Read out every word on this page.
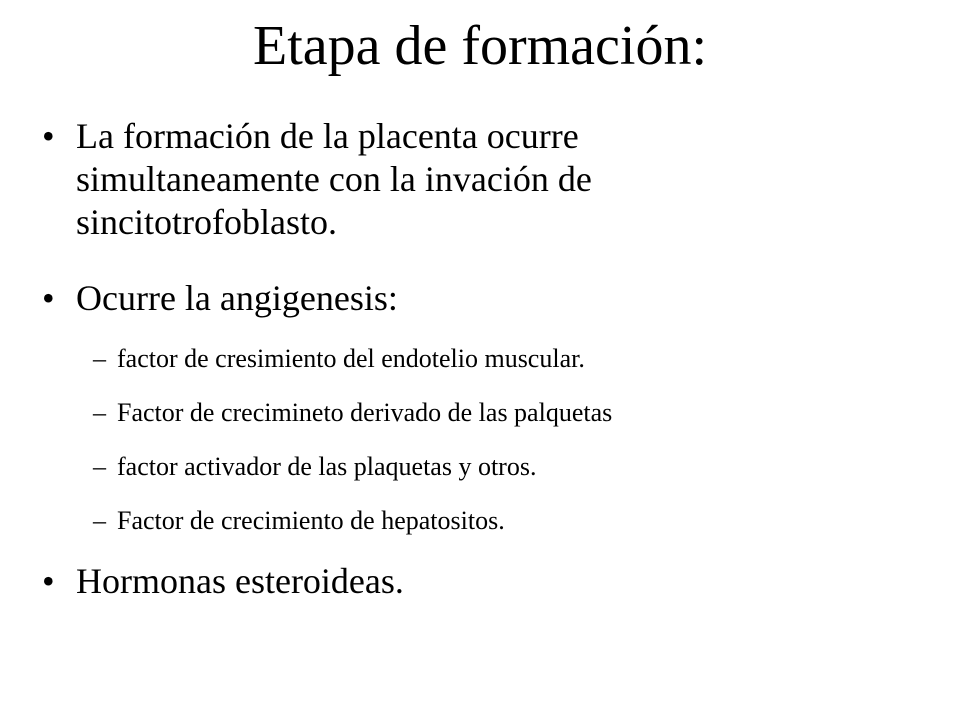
Etapa de formación:
• La formación de la placenta ocurre
simultaneamente con la invación de
sincitotrofoblasto.
• Ocurre la angigenesis:
– factor de cresimiento del endotelio muscular.
– Factor de crecimineto derivado de las palquetas
– factor activador de las plaquetas y otros.
– Factor de crecimiento de hepatositos.
• Hormonas esteroideas.
